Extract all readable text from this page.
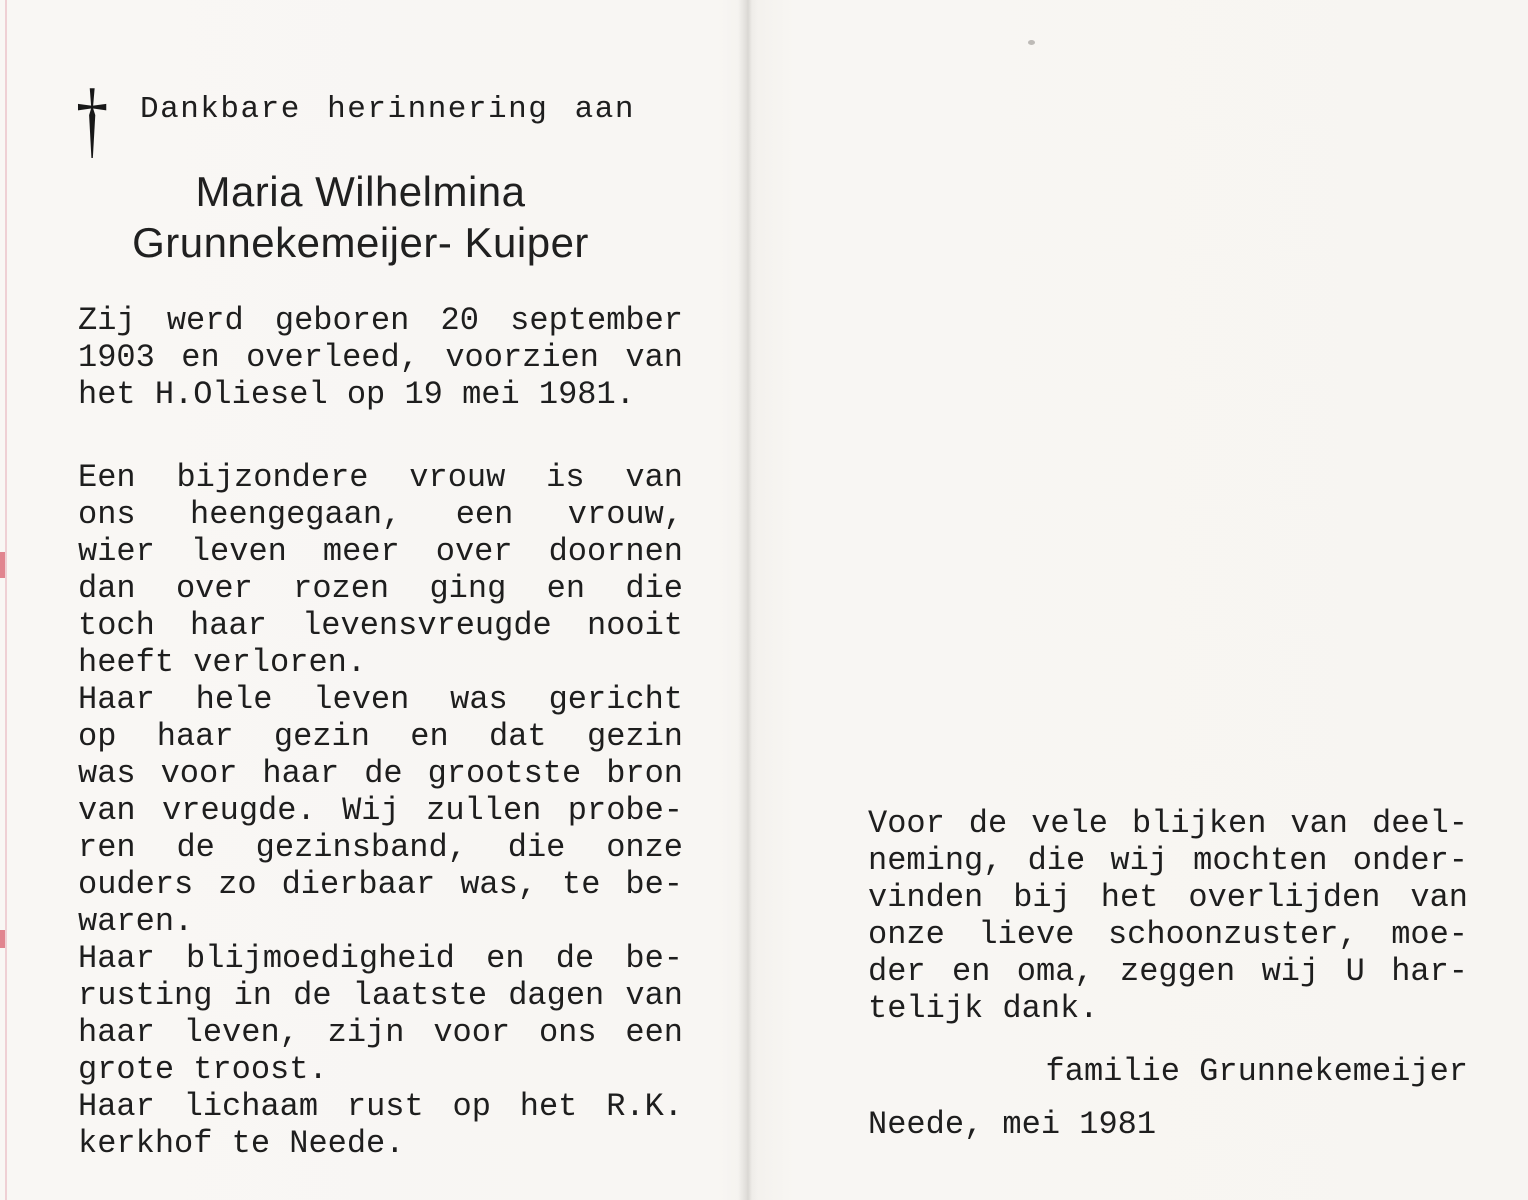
† Dankbare herinnering aan
Maria Wilhelmina
Grunnekemeijer- Kuiper
Zij werd geboren 20 september
1903 en overleed, voorzien van
het H.Oliesel op 19 mei 1981.
Een bijzondere vrouw is van
ons heengegaan, een vrouw,
wier leven meer over doornen
dan over rozen ging en die
toch haar levensvreugde nooit
heeft verloren.
Haar hele leven was gericht
op haar gezin en dat gezin
was voor haar de grootste bron
van vreugde. Wij zullen probe-
ren de gezinsband, die onze
ouders zo dierbaar was, te be-
waren.
Haar blijmoedigheid en de be-
rusting in de laatste dagen van
haar leven, zijn voor ons een
grote troost.
Haar lichaam rust op het R.K.
kerkhof te Neede.
Voor de vele blijken van deel-
neming, die wij mochten onder-
vinden bij het overlijden van
onze lieve schoonzuster, moe-
der en oma, zeggen wij U har-
telijk dank.
familie Grunnekemeijer
Neede, mei 1981
